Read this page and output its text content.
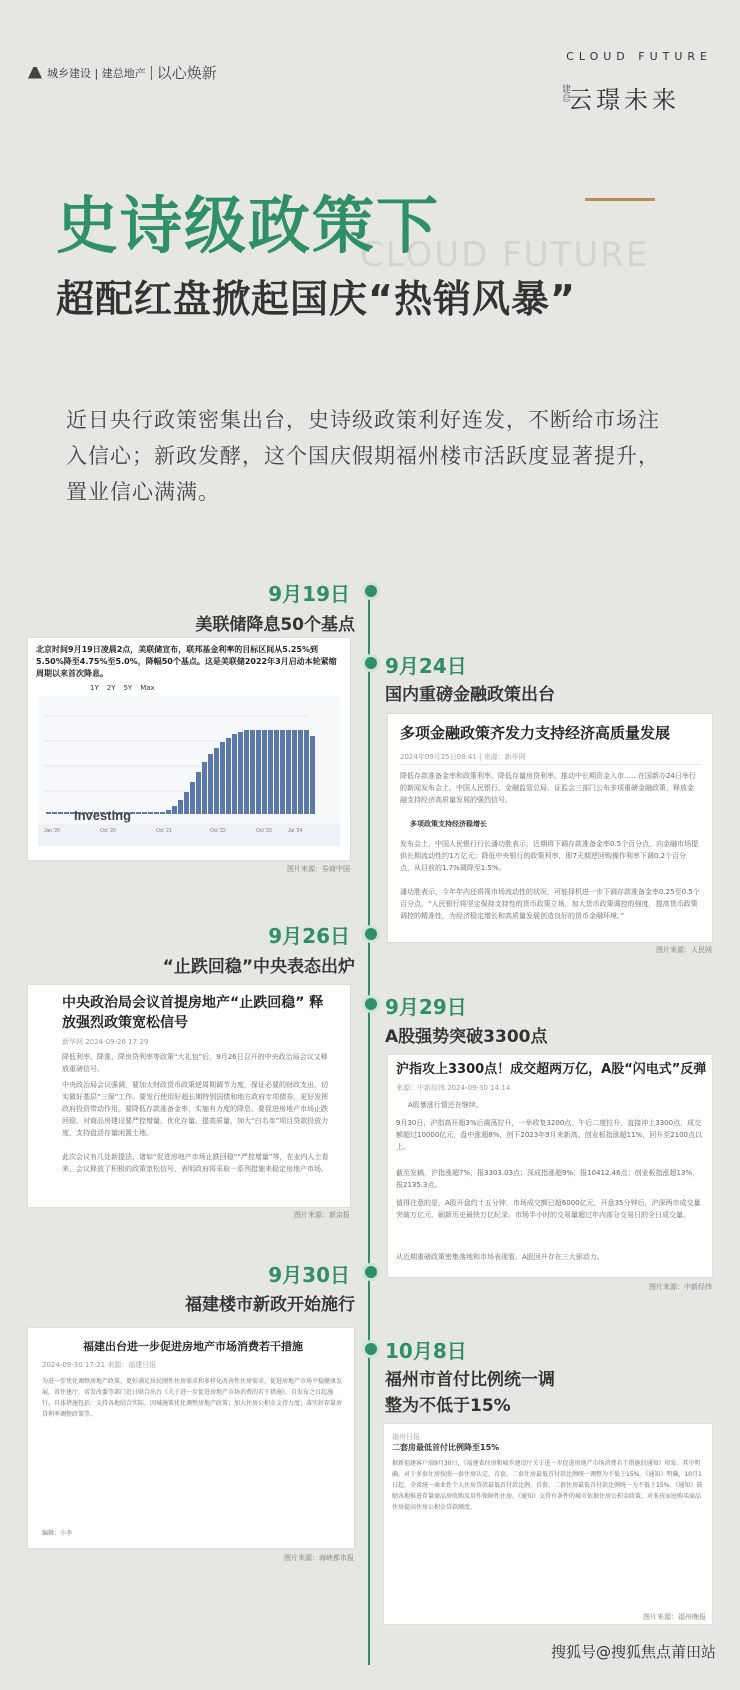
城乡建设 | 建总地产 以心焕新
CLOUD FUTURE
建总
云璟未来
CLOUD FUTURE
史诗级政策下
超配红盘掀起国庆“热销风暴”
近日央行政策密集出台，史诗级政策利好连发，不断给市场注入信心；新政发酵，这个国庆假期福州楼市活跃度显著提升，置业信心满满。
9月19日
美联储降息50个基点
北京时间9月19日凌晨2点，美联储宣布，联邦基金利率的目标区间从5.25%到5.50%降至4.75%至5.0%，降幅50个基点。这是美联储2022年3月启动本轮紧缩周期以来首次降息。
1Y 2Y 5Y Max
Investing
Jan '20	Oct '20	Oct '21	Oct '22	Oct '23	Jul '24
图片来源：券商中国
9月24日
国内重磅金融政策出台
多项金融政策齐发力支持经济高质量发展
2024年09月25日08:41 | 来源：新华网

降低存款准备金率和政策利率、降低存量房贷利率、推动中长期资金入市……在国新办24日举行的新闻发布会上，中国人民银行、金融监管总局、证监会三部门公布多项重磅金融政策，释放金融支持经济高质量发展的强烈信号。

多项政策支持经济稳增长

发布会上，中国人民银行行长潘功胜表示，近期将下调存款准备金率0.5个百分点，向金融市场提供长期流动性约1万亿元；降低中央银行的政策利率，即7天期逆回购操作利率下调0.2个百分点，从目前的1.7%调降至1.5%。

潘功胜表示，今年年内还将视市场流动性的状况，可能择机进一步下调存款准备金率0.25至0.5个百分点。“人民银行将坚定保持支持性的货币政策立场，加大货币政策调控的强度，提高货币政策调控的精准性，为经济稳定增长和高质量发展创造良好的货币金融环境。”

图片来源：人民网
9月26日
“止跌回稳”中央表态出炉
中央政治局会议首提房地产“止跌回稳” 释放强烈政策宽松信号
新华网 2024-09-26 17:29

降低利率、降准、降房贷利率等政策“大礼包”后，9月26日召开的中央政治局会议又释放重磅信号。

中央政治局会议强调，要加大财政货币政策逆周期调节力度，保证必要的财政支出，切实做好基层“三保”工作。要发行使用好超长期特别国债和地方政府专项债券，更好发挥政府投资带动作用。要降低存款准备金率，实施有力度的降息。要促进房地产市场止跌回稳，对商品房建设要严控增量、优化存量、提高质量，加大“白名单”项目贷款投放力度，支持盘活存量闲置土地。

此次会议有几处新提法，诸如“促进房地产市场止跌回稳”“严控增量”等，在业内人士看来，会议释放了积极的政策宽松信号，表明政府将采取一系列措施来稳定房地产市场。

图片来源：新京报
9月29日
A股强势突破3300点
沪指攻上3300点！成交超两万亿，A股“闪电式”反弹
来源：中新经纬 2024-09-30 14:14

A股暴涨行情还在继续。

9月30日，沪指高开超3%后震荡拉升，一举收复3200点、午后二度拉升，直接冲上3300点，成交额超过10000亿元，盘中涨超8%，创下2023年9月来新高。创业板指涨超11%，回升至2100点以上。

截至发稿，沪指涨超7%，报3303.03点；深成指涨超9%，报10412.46点；创业板指涨超13%，报2135.3点。

值得注意的是，A股开盘约十五分钟，市场成交额已超6000亿元，开盘35分钟后，沪深两市成交量突破万亿元，刷新历史最快万亿纪录。市场半小时的交易量超过年内部分交易日的全日成交量。

从近期重磅政策密集落地和市场表现看，A股回升存在三大驱动力。

图片来源：中新经纬
9月30日
福建楼市新政开始施行
福建出台进一步促进房地产市场消费若干措施
2024-09-30 17:21 来源：福建日报

为进一步优化调整房地产政策，更好满足居民刚性住房需求和多样化改善性住房需求，促进房地产市场平稳健康发展，省住建厅、省发改委等部门近日联合出台《关于进一步促进房地产市场消费的若干措施》，自发布之日起施行。具体措施包括：支持各地结合实际，因城施策优化调整房地产政策；加大住房公积金支持力度；落实好存量房贷利率调整政策等。

编辑：小李

图片来源：海峡都市报
10月8日
福州市首付比例统一调整为不低于15%
福州日报
二套房最低首付比例降至15%

据新福建客户端9月30日，《福建省住房和城乡建设厅关于进一步促进房地产市场消费若干措施的通知》印发。其中明确，对于多套住房按照一套住房认定，首套、二套住房最低首付款比例统一调整为不低于15%。《通知》明确，10月1日起，全省统一商业性个人住房贷款最低首付款比例，首套、二套住房最低首付款比例统一为不低于15%。《通知》鼓励各地推进存量商品房收购及用作保障性住房。《通知》支持有条件的城市依据住房公积金政策，对多孩家庭购买商品住房提高住房公积金贷款额度。

图片来源：福州晚报
搜狐号@搜狐焦点莆田站
